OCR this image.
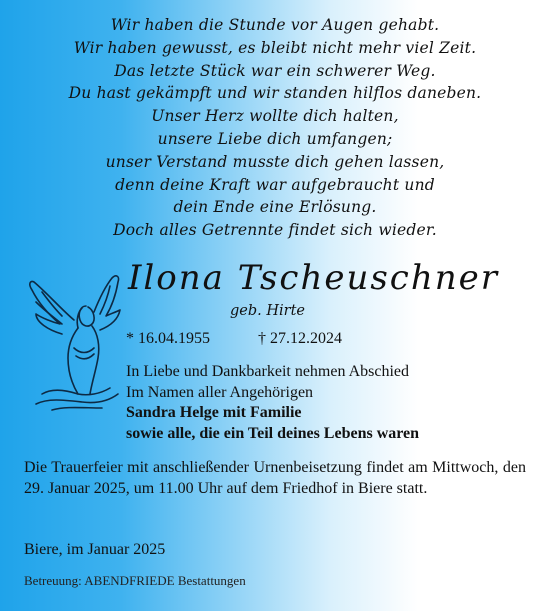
Wir haben die Stunde vor Augen gehabt.
Wir haben gewusst, es bleibt nicht mehr viel Zeit.
Das letzte Stück war ein schwerer Weg.
Du hast gekämpft und wir standen hilflos daneben.
Unser Herz wollte dich halten,
unsere Liebe dich umfangen;
unser Verstand musste dich gehen lassen,
denn deine Kraft war aufgebraucht und
dein Ende eine Erlösung.
Doch alles Getrennte findet sich wieder.
Ilona Tscheuschner
geb. Hirte
* 16.04.1955	† 27.12.2024
In Liebe und Dankbarkeit nehmen Abschied
Im Namen aller Angehörigen
Sandra Helge mit Familie
sowie alle, die ein Teil deines Lebens waren
Die Trauerfeier mit anschließender Urnenbeisetzung findet am Mittwoch, den 29. Januar 2025, um 11.00 Uhr auf dem Friedhof in Biere statt.
Biere, im Januar 2025
Betreuung: ABENDFRIEDE Bestattungen
